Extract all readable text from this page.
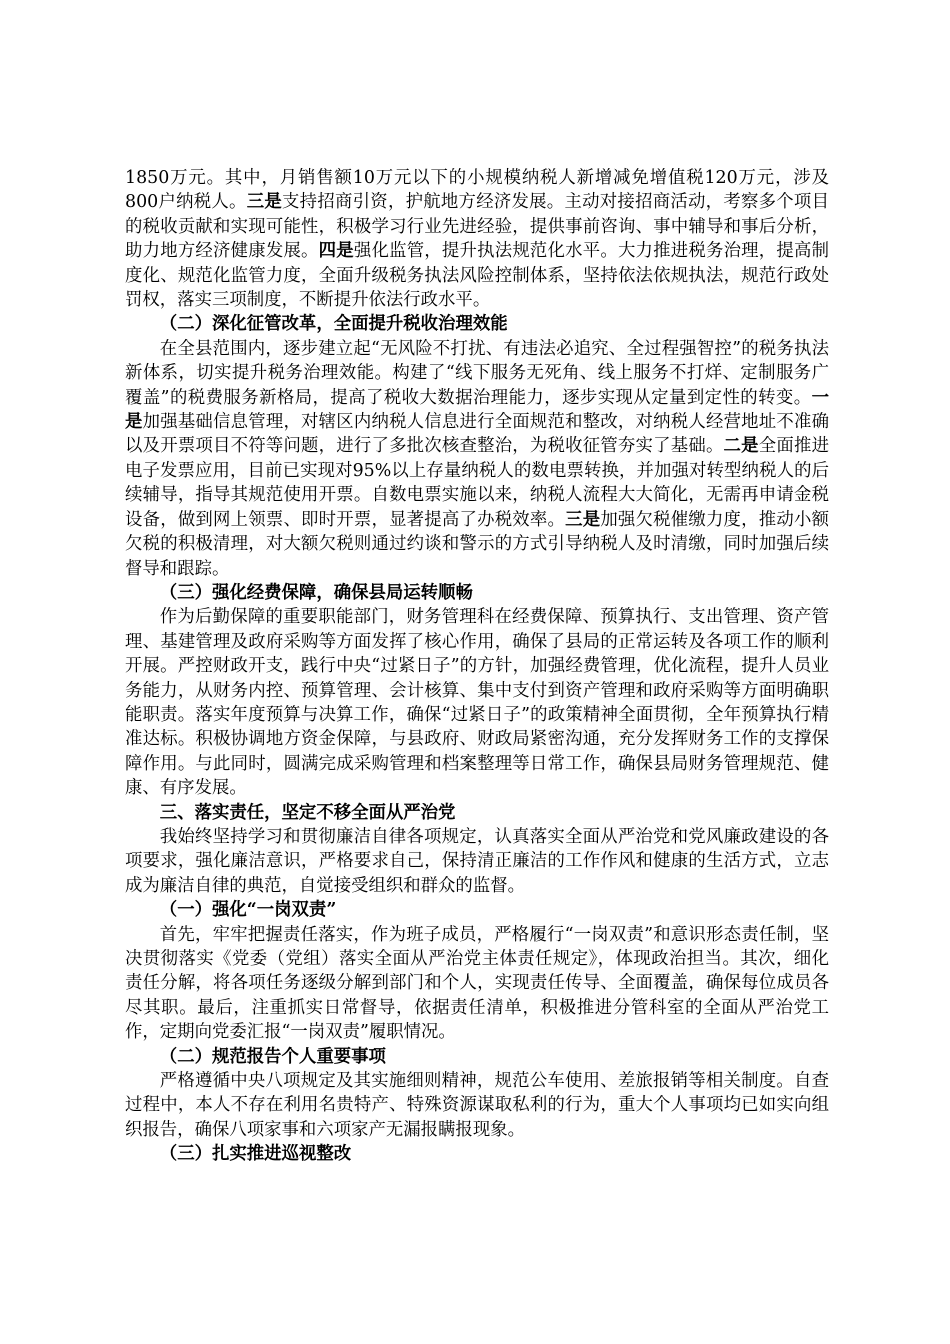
1850万元。其中，月销售额10万元以下的小规模纳税人新增减免增值税120万元，涉及800户纳税人。三是支持招商引资，护航地方经济发展。主动对接招商活动，考察多个项目的税收贡献和实现可能性，积极学习行业先进经验，提供事前咨询、事中辅导和事后分析，助力地方经济健康发展。四是强化监管，提升执法规范化水平。大力推进税务治理，提高制度化、规范化监管力度，全面升级税务执法风险控制体系，坚持依法依规执法，规范行政处罚权，落实三项制度，不断提升依法行政水平。

（二）深化征管改革，全面提升税收治理效能

在全县范围内，逐步建立起“无风险不打扰、有违法必追究、全过程强智控”的税务执法新体系，切实提升税务治理效能。构建了“线下服务无死角、线上服务不打烊、定制服务广覆盖”的税费服务新格局，提高了税收大数据治理能力，逐步实现从定量到定性的转变。一是加强基础信息管理，对辖区内纳税人信息进行全面规范和整改，对纳税人经营地址不准确以及开票项目不符等问题，进行了多批次核查整治，为税收征管夯实了基础。二是全面推进电子发票应用，目前已实现对95%以上存量纳税人的数电票转换，并加强对转型纳税人的后续辅导，指导其规范使用开票。自数电票实施以来，纳税人流程大大简化，无需再申请金税设备，做到网上领票、即时开票，显著提高了办税效率。三是加强欠税催缴力度，推动小额欠税的积极清理，对大额欠税则通过约谈和警示的方式引导纳税人及时清缴，同时加强后续督导和跟踪。

（三）强化经费保障，确保县局运转顺畅

作为后勤保障的重要职能部门，财务管理科在经费保障、预算执行、支出管理、资产管理、基建管理及政府采购等方面发挥了核心作用，确保了县局的正常运转及各项工作的顺利开展。严控财政开支，践行中央“过紧日子”的方针，加强经费管理，优化流程，提升人员业务能力，从财务内控、预算管理、会计核算、集中支付到资产管理和政府采购等方面明确职能职责。落实年度预算与决算工作，确保“过紧日子”的政策精神全面贯彻，全年预算执行精准达标。积极协调地方资金保障，与县政府、财政局紧密沟通，充分发挥财务工作的支撑保障作用。与此同时，圆满完成采购管理和档案整理等日常工作，确保县局财务管理规范、健康、有序发展。

三、落实责任，坚定不移全面从严治党

我始终坚持学习和贯彻廉洁自律各项规定，认真落实全面从严治党和党风廉政建设的各项要求，强化廉洁意识，严格要求自己，保持清正廉洁的工作作风和健康的生活方式，立志成为廉洁自律的典范，自觉接受组织和群众的监督。

（一）强化“一岗双责”

首先，牢牢把握责任落实，作为班子成员，严格履行“一岗双责”和意识形态责任制，坚决贯彻落实《党委（党组）落实全面从严治党主体责任规定》，体现政治担当。其次，细化责任分解，将各项任务逐级分解到部门和个人，实现责任传导、全面覆盖，确保每位成员各尽其职。最后，注重抓实日常督导，依据责任清单，积极推进分管科室的全面从严治党工作，定期向党委汇报“一岗双责”履职情况。

（二）规范报告个人重要事项

严格遵循中央八项规定及其实施细则精神，规范公车使用、差旅报销等相关制度。自查过程中，本人不存在利用名贵特产、特殊资源谋取私利的行为，重大个人事项均已如实向组织报告，确保八项家事和六项家产无漏报瞒报现象。

（三）扎实推进巡视整改
